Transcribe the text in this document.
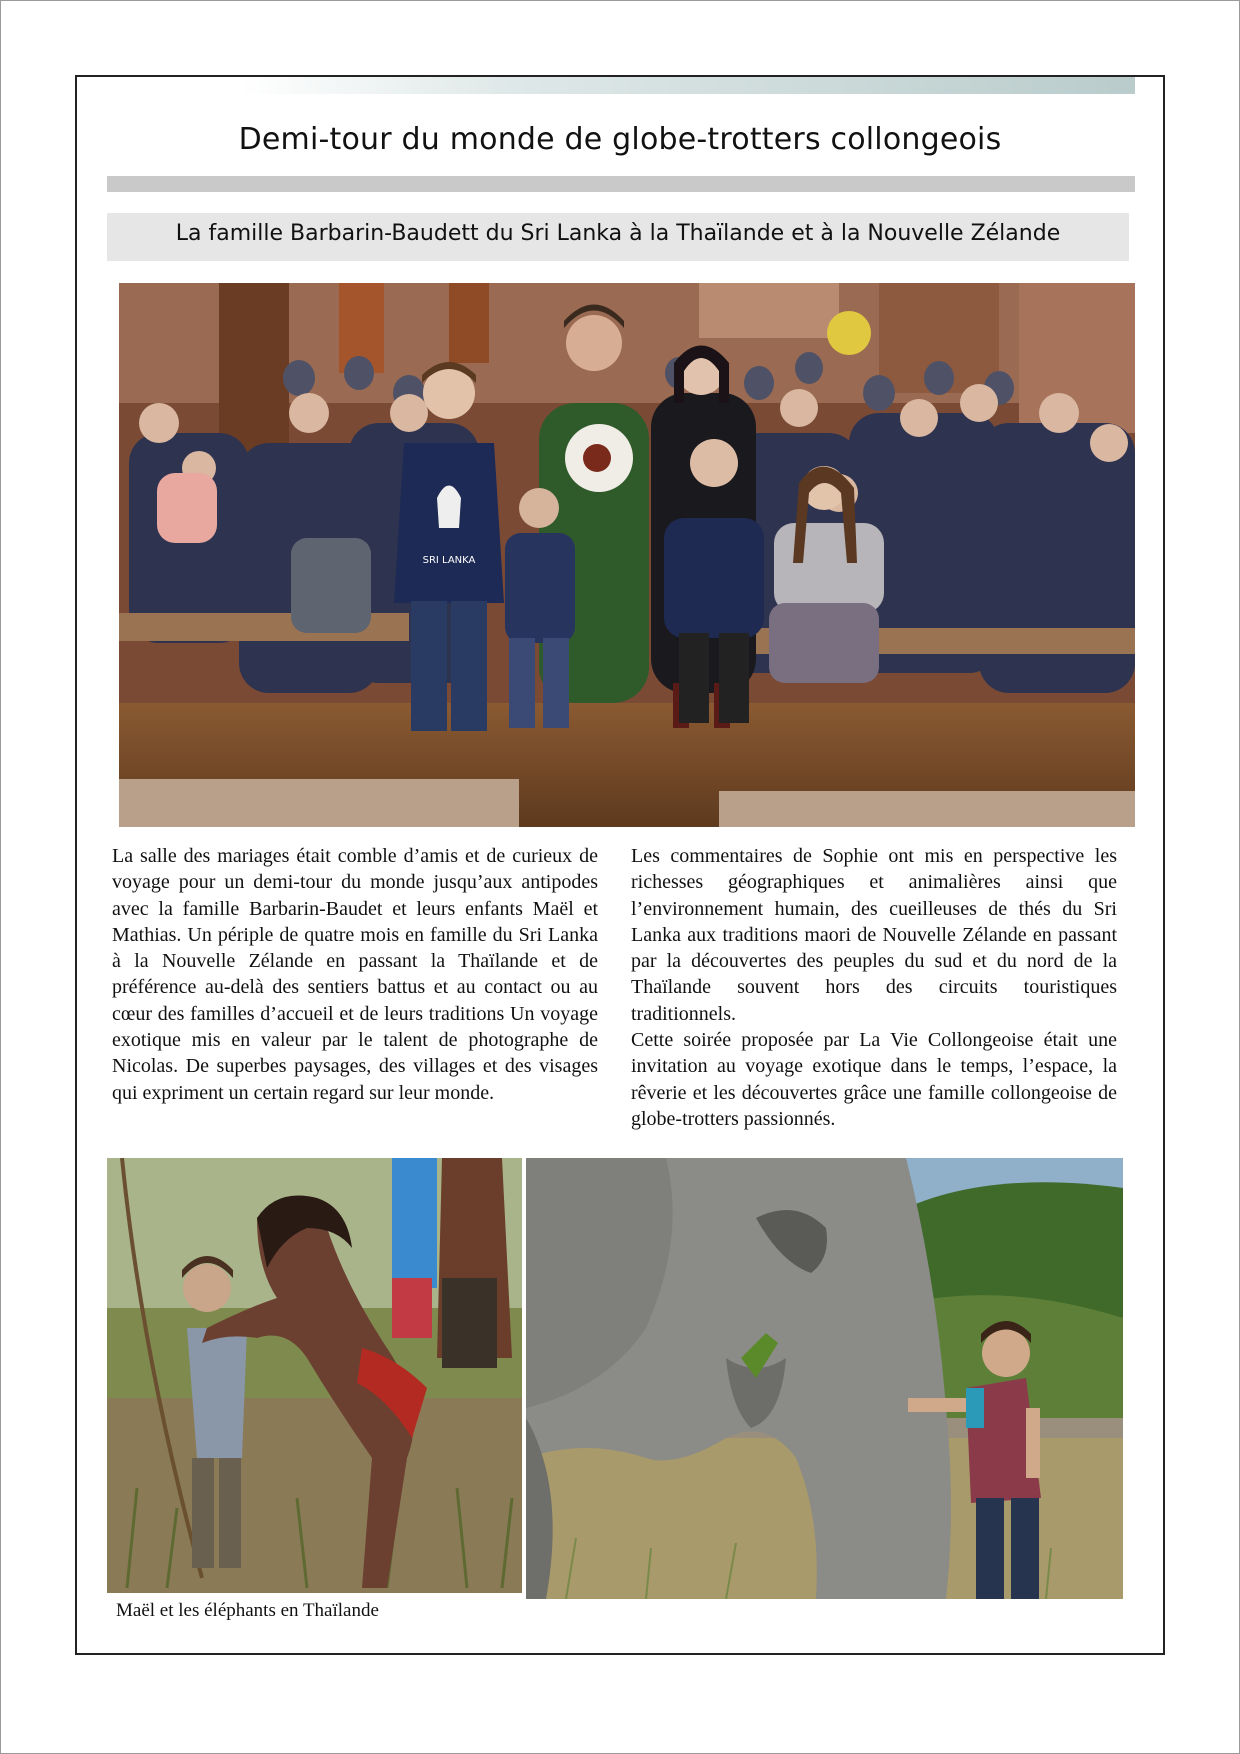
Demi-tour du monde de globe-trotters collongeois
La famille Barbarin-Baudett du Sri Lanka à la Thaïlande et à la Nouvelle Zélande
SRI LANKA

La salle des mariages était comble d’amis et de curieux de voyage pour un demi-tour du monde jusqu’aux antipodes avec la famille Barbarin-Baudet et leurs enfants Maël et Mathias. Un périple de quatre mois en famille du Sri Lanka à la Nouvelle Zélande en passant la Thaïlande et de préférence au-delà des sentiers battus et au contact ou au cœur des familles d’accueil et de leurs traditions Un voyage exotique mis en valeur par le talent de photographe de Nicolas. De superbes paysages, des villages et des visages qui expriment un certain regard sur leur monde.

Les commentaires de Sophie ont mis en perspective les richesses géographiques et animalières ainsi que l’environnement humain, des cueilleuses de thés du Sri Lanka aux traditions maori de Nouvelle Zélande en passant par la découvertes des peuples du sud et du nord de la Thaïlande souvent hors des circuits touristiques traditionnels.

Cette soirée proposée par La Vie Collongeoise était une invitation au voyage exotique dans le temps, l’espace, la rêverie et les découvertes grâce une famille collongeoise de globe-trotters passionnés.

Maël et les éléphants en Thaïlande
